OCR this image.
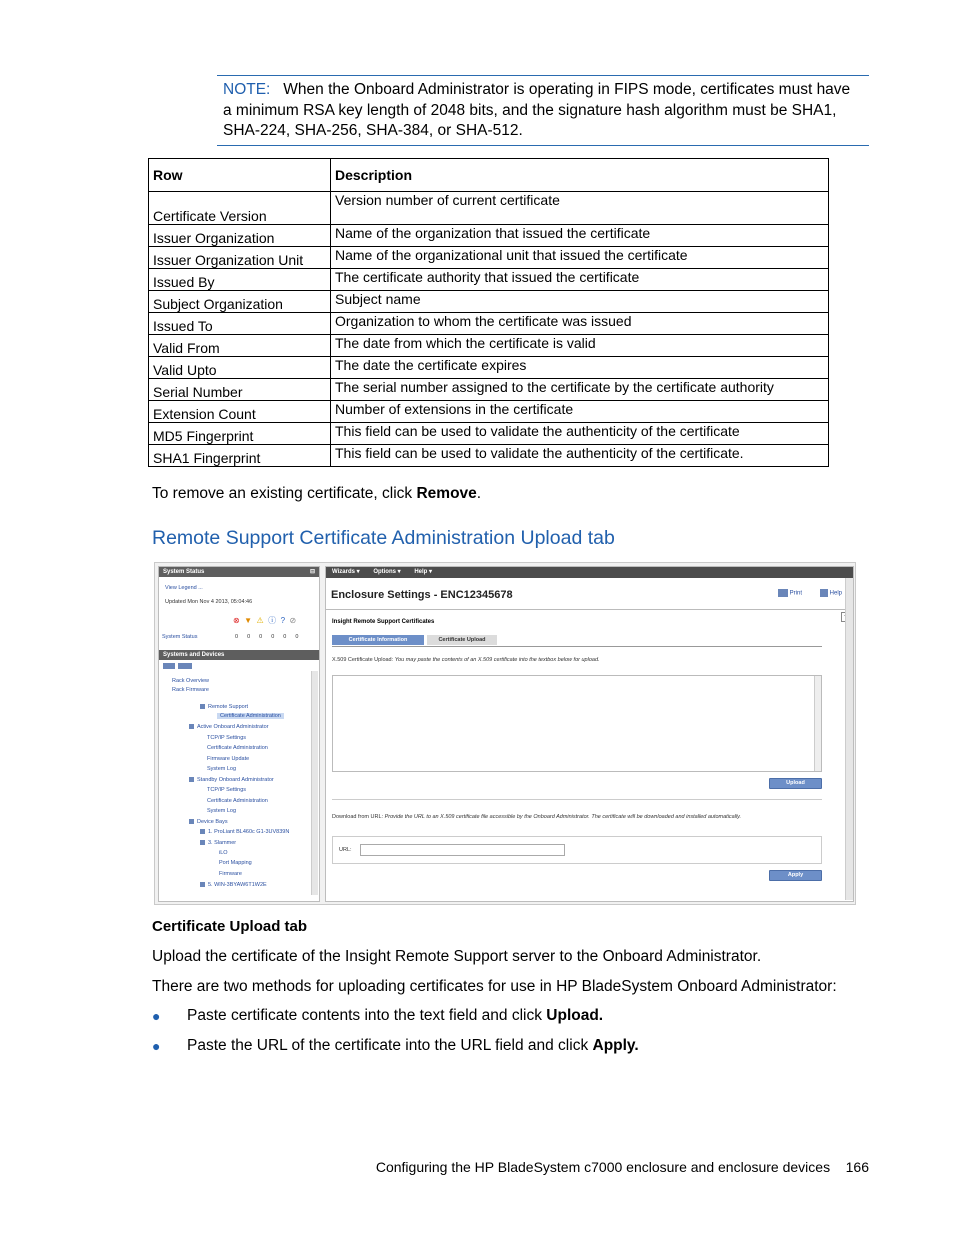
NOTE: When the Onboard Administrator is operating in FIPS mode, certificates must have a minimum RSA key length of 2048 bits, and the signature hash algorithm must be SHA1, SHA-224, SHA-256, SHA-384, or SHA-512.

Row	Description
Certificate Version	Version number of current certificate
Issuer Organization	Name of the organization that issued the certificate
Issuer Organization Unit	Name of the organizational unit that issued the certificate
Issued By	The certificate authority that issued the certificate
Subject Organization	Subject name
Issued To	Organization to whom the certificate was issued
Valid From	The date from which the certificate is valid
Valid Upto	The date the certificate expires
Serial Number	The serial number assigned to the certificate by the certificate authority
Extension Count	Number of extensions in the certificate
MD5 Fingerprint	This field can be used to validate the authenticity of the certificate
SHA1 Fingerprint	This field can be used to validate the authenticity of the certificate.
To remove an existing certificate, click Remove.
Remote Support Certificate Administration Upload tab
System Status	⊟
View Legend ...
Updated Mon Nov 4 2013, 05:04:46
⊗ ▼ ⚠ ⓘ ? ⊘
System Status	000000
Systems and Devices
Rack Overview
Rack Firmware
Remote Support
Certificate Administration
Active Onboard Administrator
TCP/IP Settings
Certificate Administration
Firmware Update
System Log
Standby Onboard Administrator
TCP/IP Settings
Certificate Administration
System Log
Device Bays
1. ProLiant BL460c G1-3UV839N
3. Slammer
iLO
Port Mapping
Firmware
5. WIN-3BYAW6T1W2E
Wizards ▾ Options ▾ Help ▾
Enclosure Settings - ENC12345678	Print	Help
Insight Remote Support Certificates
Certificate Information	Certificate Upload
X.509 Certificate Upload: You may paste the contents of an X.509 certificate into the textbox below for upload.
Upload
Download from URL: Provide the URL to an X.509 certificate file accessible by the Onboard Administrator. The certificate will be downloaded and installed automatically.
URL:
Apply
Certificate Upload tab
Upload the certificate of the Insight Remote Support server to the Onboard Administrator.
There are two methods for uploading certificates for use in HP BladeSystem Onboard Administrator:
● Paste certificate contents into the text field and click Upload.
● Paste the URL of the certificate into the URL field and click Apply.
Configuring the HP BladeSystem c7000 enclosure and enclosure devices 166
